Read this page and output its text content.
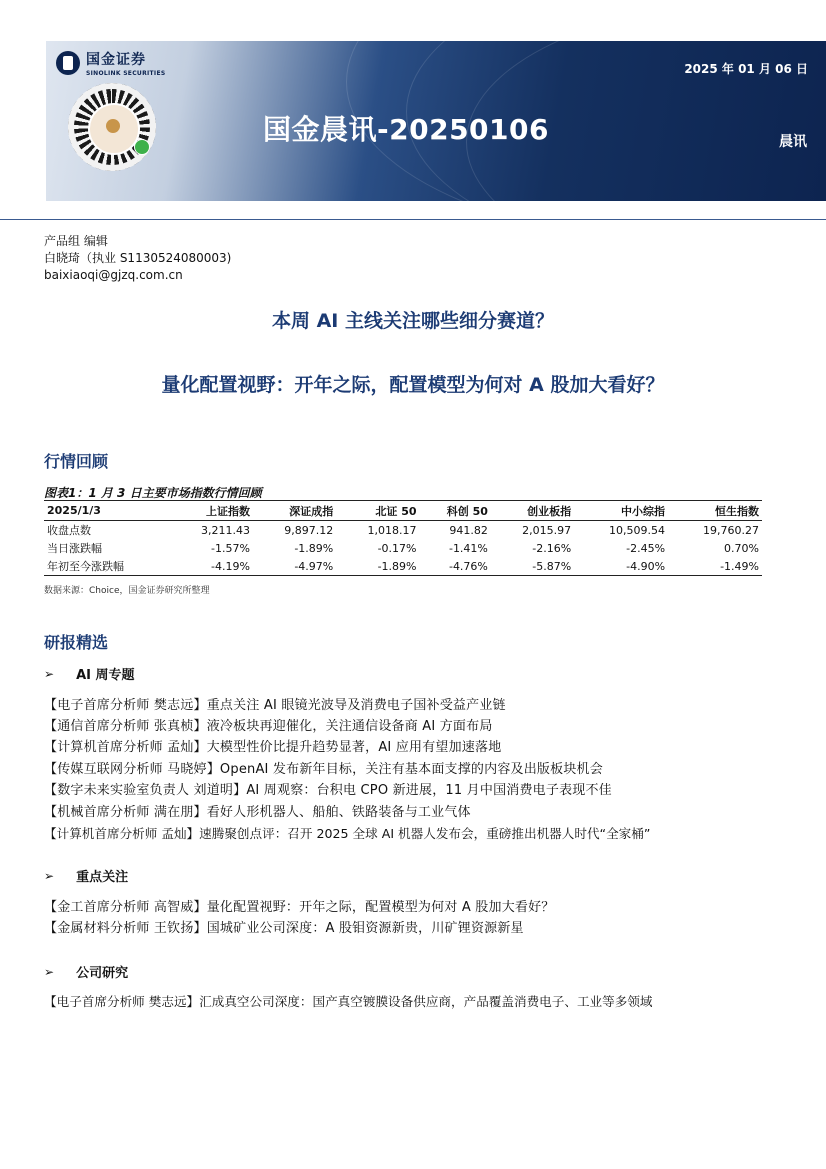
国金证券
SINOLINK SECURITIES	2025 年 01 月 06 日
国金晨讯-20250106	晨讯
产品组 编辑
白晓琦（执业 S1130524080003)
baixiaoqi@gjzq.com.cn
本周 AI 主线关注哪些细分赛道？
量化配置视野：开年之际，配置模型为何对 A 股加大看好？
行情回顾
图表1：1 月 3 日主要市场指数行情回顾
2025/1/3	上证指数	深证成指	北证 50	科创 50	创业板指	中小综指	恒生指数
收盘点数	3,211.43	9,897.12	1,018.17	941.82	2,015.97	10,509.54	19,760.27
当日涨跌幅	-1.57%	-1.89%	-0.17%	-1.41%	-2.16%	-2.45%	0.70%
年初至今涨跌幅	-4.19%	-4.97%	-1.89%	-4.76%	-5.87%	-4.90%	-1.49%
数据来源：Choice，国金证券研究所整理
研报精选
➢ AI 周专题
【电子首席分析师 樊志远】重点关注 AI 眼镜光波导及消费电子国补受益产业链
【通信首席分析师 张真桢】液冷板块再迎催化，关注通信设备商 AI 方面布局
【计算机首席分析师 孟灿】大模型性价比提升趋势显著，AI 应用有望加速落地
【传媒互联网分析师 马晓婷】OpenAI 发布新年目标，关注有基本面支撑的内容及出版板块机会
【数字未来实验室负责人 刘道明】AI 周观察：台积电 CPO 新进展，11 月中国消费电子表现不佳
【机械首席分析师 满在朋】看好人形机器人、船舶、铁路装备与工业气体
【计算机首席分析师 孟灿】速腾聚创点评：召开 2025 全球 AI 机器人发布会，重磅推出机器人时代“全家桶”
➢ 重点关注
【金工首席分析师 高智威】量化配置视野：开年之际，配置模型为何对 A 股加大看好？
【金属材料分析师 王钦扬】国城矿业公司深度：A 股钼资源新贵，川矿锂资源新星
➢ 公司研究
【电子首席分析师 樊志远】汇成真空公司深度：国产真空镀膜设备供应商，产品覆盖消费电子、工业等多领域
